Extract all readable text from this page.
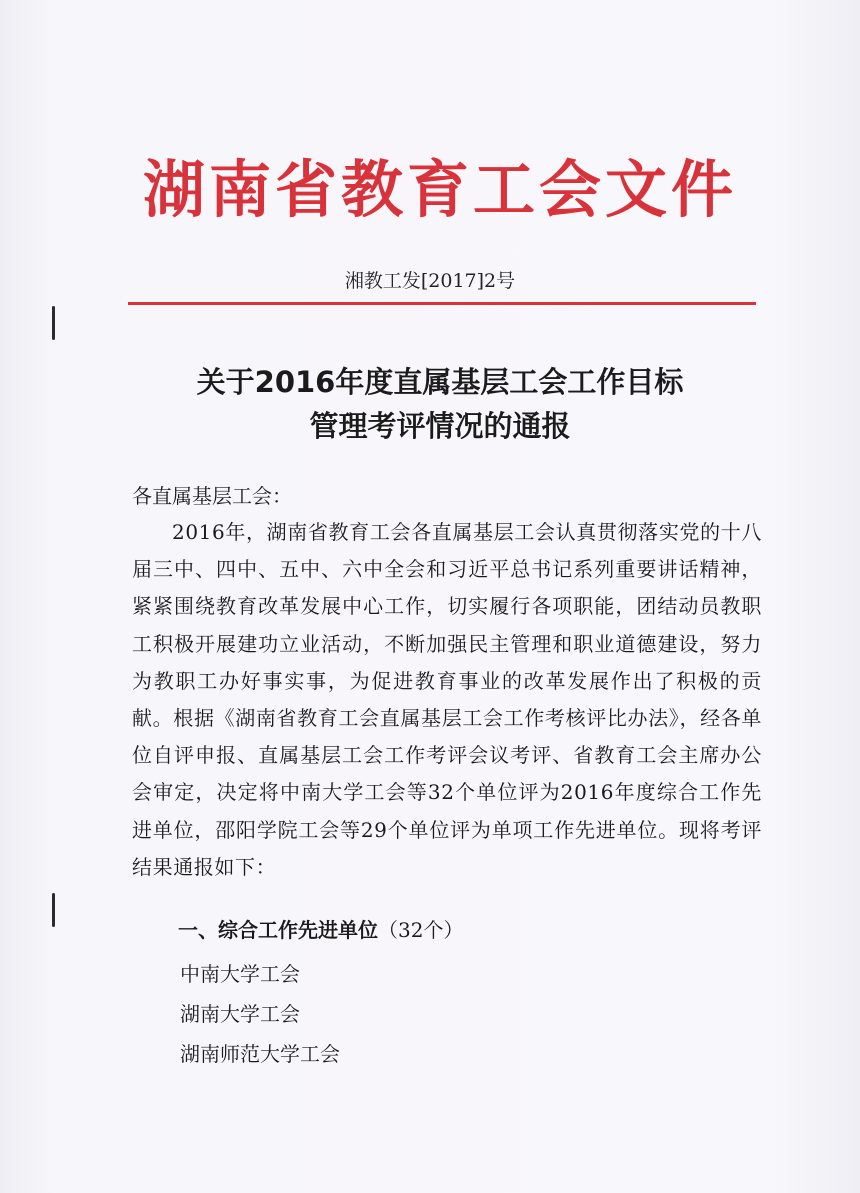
湖南省教育工会文件
湘教工发[2017]2号
关于2016年度直属基层工会工作目标
管理考评情况的通报
各直属基层工会：
2016年，湖南省教育工会各直属基层工会认真贯彻落实党的十八届三中、四中、五中、六中全会和习近平总书记系列重要讲话精神，紧紧围绕教育改革发展中心工作，切实履行各项职能，团结动员教职工积极开展建功立业活动，不断加强民主管理和职业道德建设，努力为教职工办好事实事，为促进教育事业的改革发展作出了积极的贡献。根据《湖南省教育工会直属基层工会工作考核评比办法》，经各单位自评申报、直属基层工会工作考评会议考评、省教育工会主席办公会审定，决定将中南大学工会等32个单位评为2016年度综合工作先进单位，邵阳学院工会等29个单位评为单项工作先进单位。现将考评结果通报如下：
一、综合工作先进单位（32个）
中南大学工会
湖南大学工会
湖南师范大学工会
